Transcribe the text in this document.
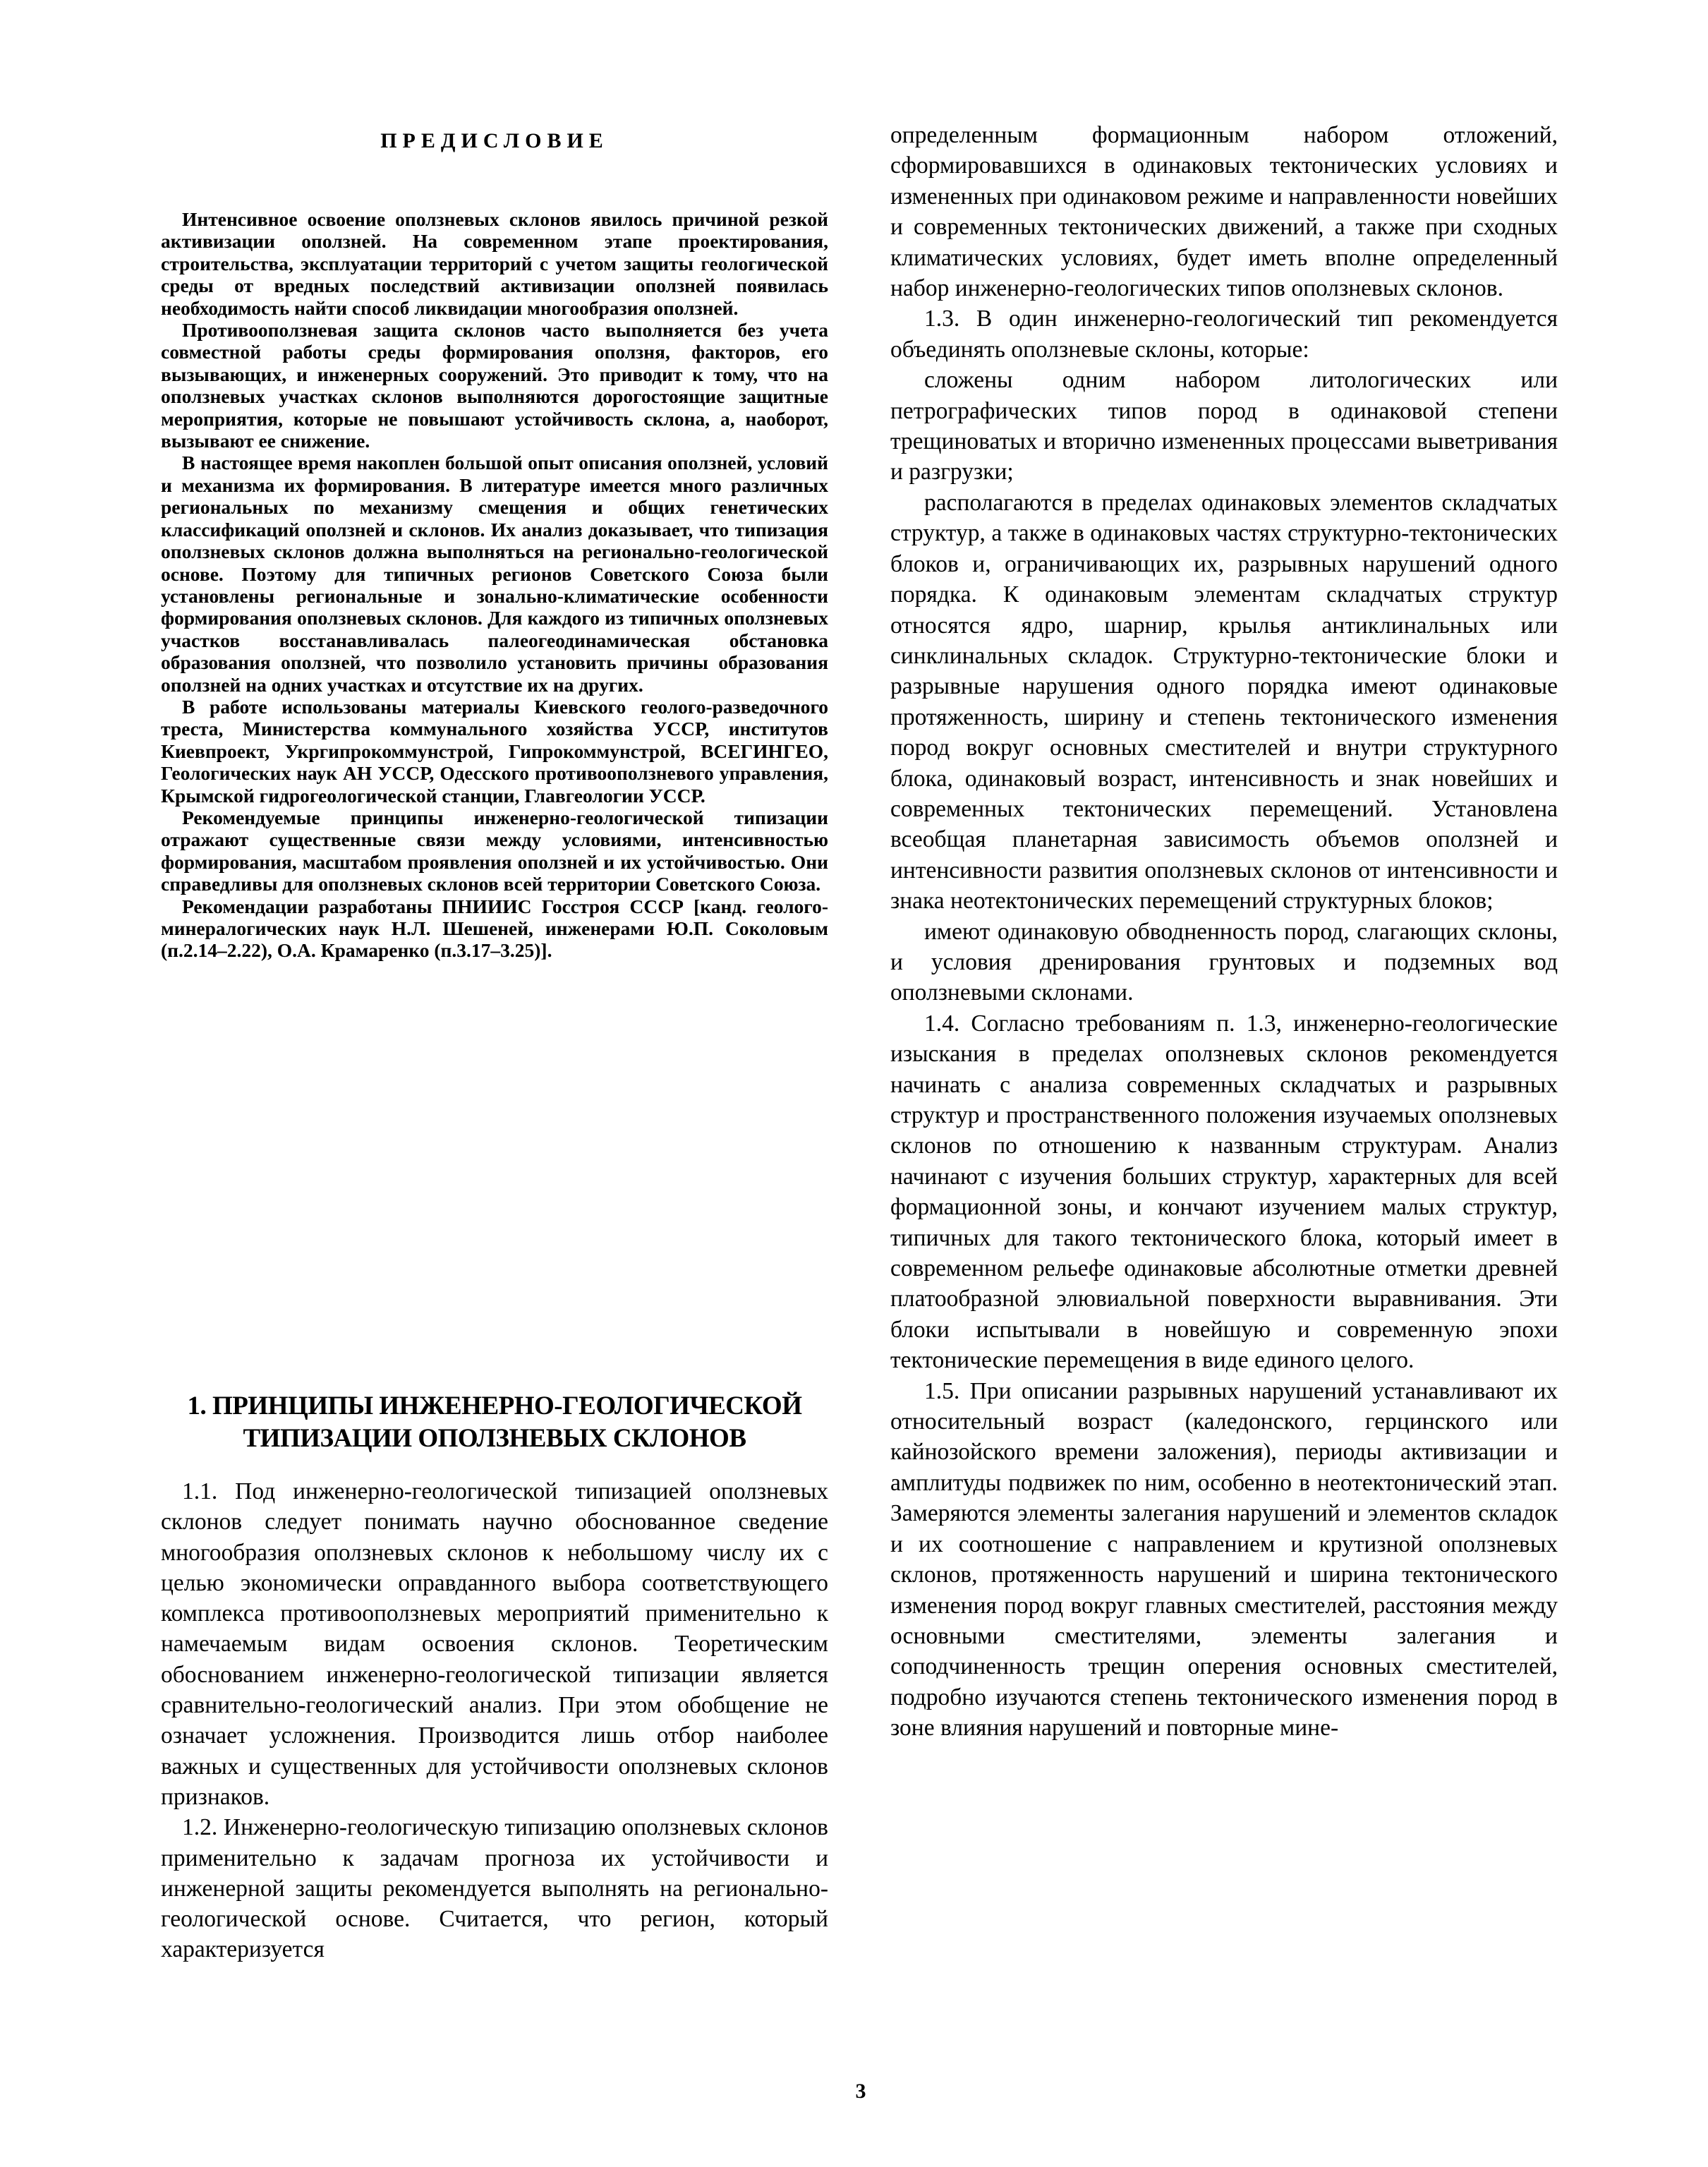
ПРЕДИСЛОВИЕ

Интенсивное освоение оползневых склонов явилось причиной резкой активизации оползней. На современном этапе проектирования, строительства, эксплуатации территорий с учетом защиты геологической среды от вредных последствий активизации оползней появилась необходимость найти способ ликвидации многообразия оползней.

Противооползневая защита склонов часто выполняется без учета совместной работы среды формирования оползня, факторов, его вызывающих, и инженерных сооружений. Это приводит к тому, что на оползневых участках склонов выполняются дорогостоящие защитные мероприятия, которые не повышают устойчивость склона, а, наоборот, вызывают ее снижение.

В настоящее время накоплен большой опыт описания оползней, условий и механизма их формирования. В литературе имеется много различных региональных по механизму смещения и общих генетических классификаций оползней и склонов. Их анализ доказывает, что типизация оползневых склонов должна выполняться на регионально-геологической основе. Поэтому для типичных регионов Советского Союза были установлены региональные и зонально-климатические особенности формирования оползневых склонов. Для каждого из типичных оползневых участков восстанавливалась палеогеодинамическая обстановка образования оползней, что позволило установить причины образования оползней на одних участках и отсутствие их на других.

В работе использованы материалы Киевского геолого-разведочного треста, Министерства коммунального хозяйства УССР, институтов Киевпроект, Укргипрокоммунстрой, Гипрокоммунстрой, ВСЕГИНГЕО, Геологических наук АН УССР, Одесского противооползневого управления, Крымской гидрогеологической станции, Главгеологии УССР.

Рекомендуемые принципы инженерно-геологической типизации отражают существенные связи между условиями, интенсивностью формирования, масштабом проявления оползней и их устойчивостью. Они справедливы для оползневых склонов всей территории Советского Союза.

Рекомендации разработаны ПНИИИС Госстроя СССР [канд. геолого-минералогических наук Н.Л. Шешеней, инженерами Ю.П. Соколовым (п.2.14–2.22), О.А. Крамаренко (п.3.17–3.25)].

1. ПРИНЦИПЫ ИНЖЕНЕРНО-ГЕОЛОГИЧЕСКОЙ
ТИПИЗАЦИИ ОПОЛЗНЕВЫХ СКЛОНОВ

1.1. Под инженерно-геологической типизацией оползневых склонов следует понимать научно обоснованное сведение многообразия оползневых склонов к небольшому числу их с целью экономически оправданного выбора соответствующего комплекса противооползневых мероприятий применительно к намечаемым видам освоения склонов. Теоретическим обоснованием инженерно-геологической типизации является сравнительно-геологический анализ. При этом обобщение не означает усложнения. Производится лишь отбор наиболее важных и существенных для устойчивости оползневых склонов признаков.

1.2. Инженерно-геологическую типизацию оползневых склонов применительно к задачам прогноза их устойчивости и инженерной защиты рекомендуется выполнять на регионально-геологической основе. Считается, что регион, который характеризуется

определенным формационным набором отложений, сформировавшихся в одинаковых тектонических условиях и измененных при одинаковом режиме и направленности новейших и современных тектонических движений, а также при сходных климатических условиях, будет иметь вполне определенный набор инженерно-геологических типов оползневых склонов.

1.3. В один инженерно-геологический тип рекомендуется объединять оползневые склоны, которые:

сложены одним набором литологических или петрографических типов пород в одинаковой степени трещиноватых и вторично измененных процессами выветривания и разгрузки;

располагаются в пределах одинаковых элементов складчатых структур, а также в одинаковых частях структурно-тектонических блоков и, ограничивающих их, разрывных нарушений одного порядка. К одинаковым элементам складчатых структур относятся ядро, шарнир, крылья антиклинальных или синклинальных складок. Структурно-тектонические блоки и разрывные нарушения одного порядка имеют одинаковые протяженность, ширину и степень тектонического изменения пород вокруг основных сместителей и внутри структурного блока, одинаковый возраст, интенсивность и знак новейших и современных тектонических перемещений. Установлена всеобщая планетарная зависимость объемов оползней и интенсивности развития оползневых склонов от интенсивности и знака неотектонических перемещений структурных блоков;

имеют одинаковую обводненность пород, слагающих склоны, и условия дренирования грунтовых и подземных вод оползневыми склонами.

1.4. Согласно требованиям п. 1.3, инженерно-геологические изыскания в пределах оползневых склонов рекомендуется начинать с анализа современных складчатых и разрывных структур и пространственного положения изучаемых оползневых склонов по отношению к названным структурам. Анализ начинают с изучения больших структур, характерных для всей формационной зоны, и кончают изучением малых структур, типичных для такого тектонического блока, который имеет в современном рельефе одинаковые абсолютные отметки древней платообразной элювиальной поверхности выравнивания. Эти блоки испытывали в новейшую и современную эпохи тектонические перемещения в виде единого целого.

1.5. При описании разрывных нарушений устанавливают их относительный возраст (каледонского, герцинского или кайнозойского времени заложения), периоды активизации и амплитуды подвижек по ним, особенно в неотектонический этап. Замеряются элементы залегания нарушений и элементов складок и их соотношение с направлением и крутизной оползневых склонов, протяженность нарушений и ширина тектонического изменения пород вокруг главных сместителей, расстояния между основными сместителями, элементы залегания и соподчиненность трещин оперения основных сместителей, подробно изучаются степень тектонического изменения пород в зоне влияния нарушений и повторные мине-

3
